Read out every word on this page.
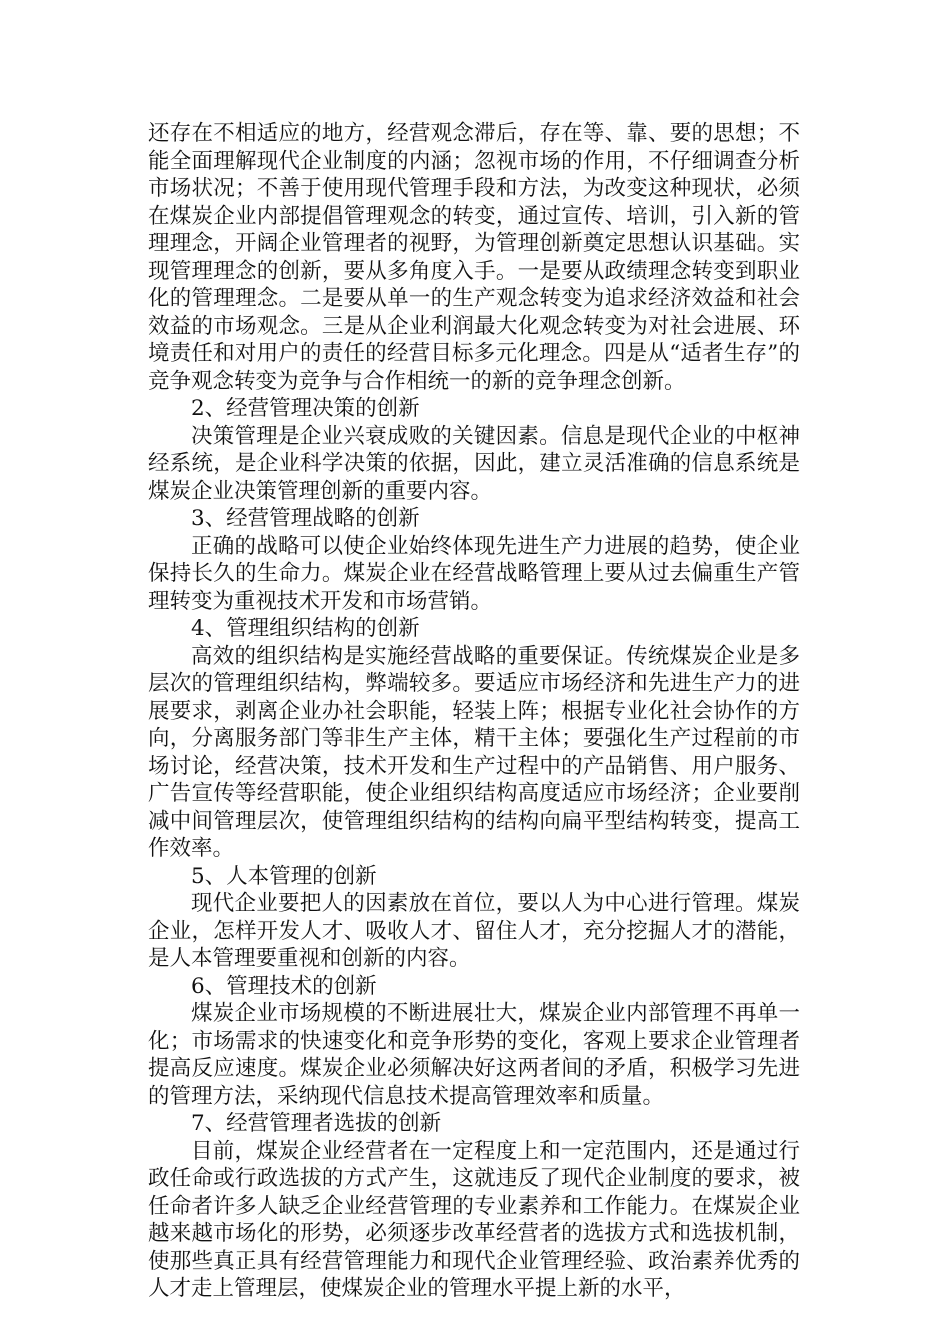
还存在不相适应的地方，经营观念滞后，存在等、靠、要的思想；不能全面理解现代企业制度的内涵；忽视市场的作用，不仔细调查分析市场状况；不善于使用现代管理手段和方法，为改变这种现状，必须在煤炭企业内部提倡管理观念的转变，通过宣传、培训，引入新的管理理念，开阔企业管理者的视野，为管理创新奠定思想认识基础。实现管理理念的创新，要从多角度入手。一是要从政绩理念转变到职业化的管理理念。二是要从单一的生产观念转变为追求经济效益和社会效益的市场观念。三是从企业利润最大化观念转变为对社会进展、环境责任和对用户的责任的经营目标多元化理念。四是从“适者生存”的竞争观念转变为竞争与合作相统一的新的竞争理念创新。

2、经营管理决策的创新

决策管理是企业兴衰成败的关键因素。信息是现代企业的中枢神经系统，是企业科学决策的依据，因此，建立灵活准确的信息系统是煤炭企业决策管理创新的重要内容。

3、经营管理战略的创新

正确的战略可以使企业始终体现先进生产力进展的趋势，使企业保持长久的生命力。煤炭企业在经营战略管理上要从过去偏重生产管理转变为重视技术开发和市场营销。

4、管理组织结构的创新

高效的组织结构是实施经营战略的重要保证。传统煤炭企业是多层次的管理组织结构，弊端较多。要适应市场经济和先进生产力的进展要求，剥离企业办社会职能，轻装上阵；根据专业化社会协作的方向，分离服务部门等非生产主体，精干主体；要强化生产过程前的市场讨论，经营决策，技术开发和生产过程中的产品销售、用户服务、广告宣传等经营职能，使企业组织结构高度适应市场经济；企业要削减中间管理层次，使管理组织结构的结构向扁平型结构转变，提高工作效率。

5、人本管理的创新

现代企业要把人的因素放在首位，要以人为中心进行管理。煤炭企业，怎样开发人才、吸收人才、留住人才，充分挖掘人才的潜能，是人本管理要重视和创新的内容。

6、管理技术的创新

煤炭企业市场规模的不断进展壮大，煤炭企业内部管理不再单一化；市场需求的快速变化和竞争形势的变化，客观上要求企业管理者提高反应速度。煤炭企业必须解决好这两者间的矛盾，积极学习先进的管理方法，采纳现代信息技术提高管理效率和质量。

7、经营管理者选拔的创新

目前，煤炭企业经营者在一定程度上和一定范围内，还是通过行政任命或行政选拔的方式产生，这就违反了现代企业制度的要求，被任命者许多人缺乏企业经营管理的专业素养和工作能力。在煤炭企业越来越市场化的形势，必须逐步改革经营者的选拔方式和选拔机制，使那些真正具有经营管理能力和现代企业管理经验、政治素养优秀的人才走上管理层，使煤炭企业的管理水平提上新的水平，
